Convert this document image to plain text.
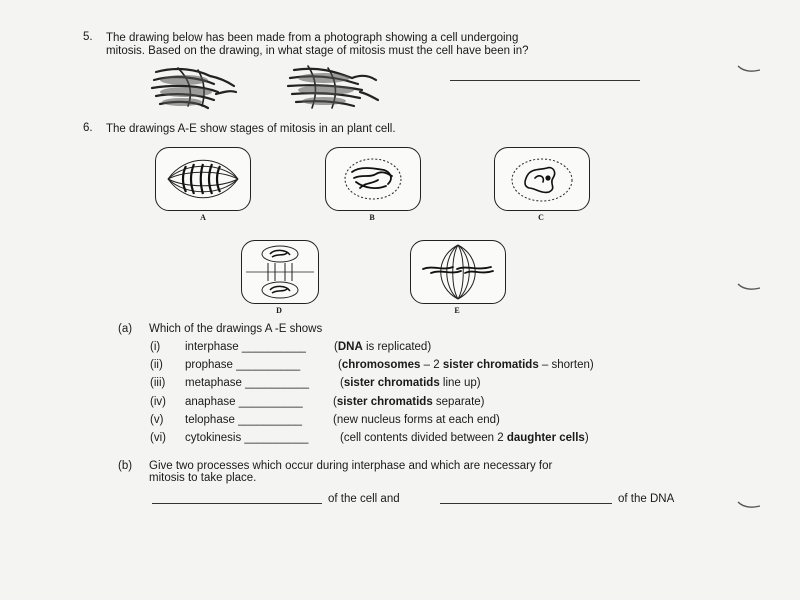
5. The drawing below has been made from a photograph showing a cell undergoing
mitosis. Based on the drawing, in what stage of mitosis must the cell have been in?
6. The drawings A-E show stages of mitosis in an plant cell.
A	B	C
D	E
(a) Which of the drawings A -E shows
(i) interphase __________ (DNA is replicated)
(ii) prophase __________	(chromosomes – 2 sister chromatids – shorten)
(iii) metaphase __________	(sister chromatids line up)
(iv) anaphase __________	(sister chromatids separate)
(v) telophase __________	(new nucleus forms at each end)
(vi) cytokinesis __________	(cell contents divided between 2 daughter cells)
(b) Give two processes which occur during interphase and which are necessary for
mitosis to take place.
of the cell and	of the DNA
